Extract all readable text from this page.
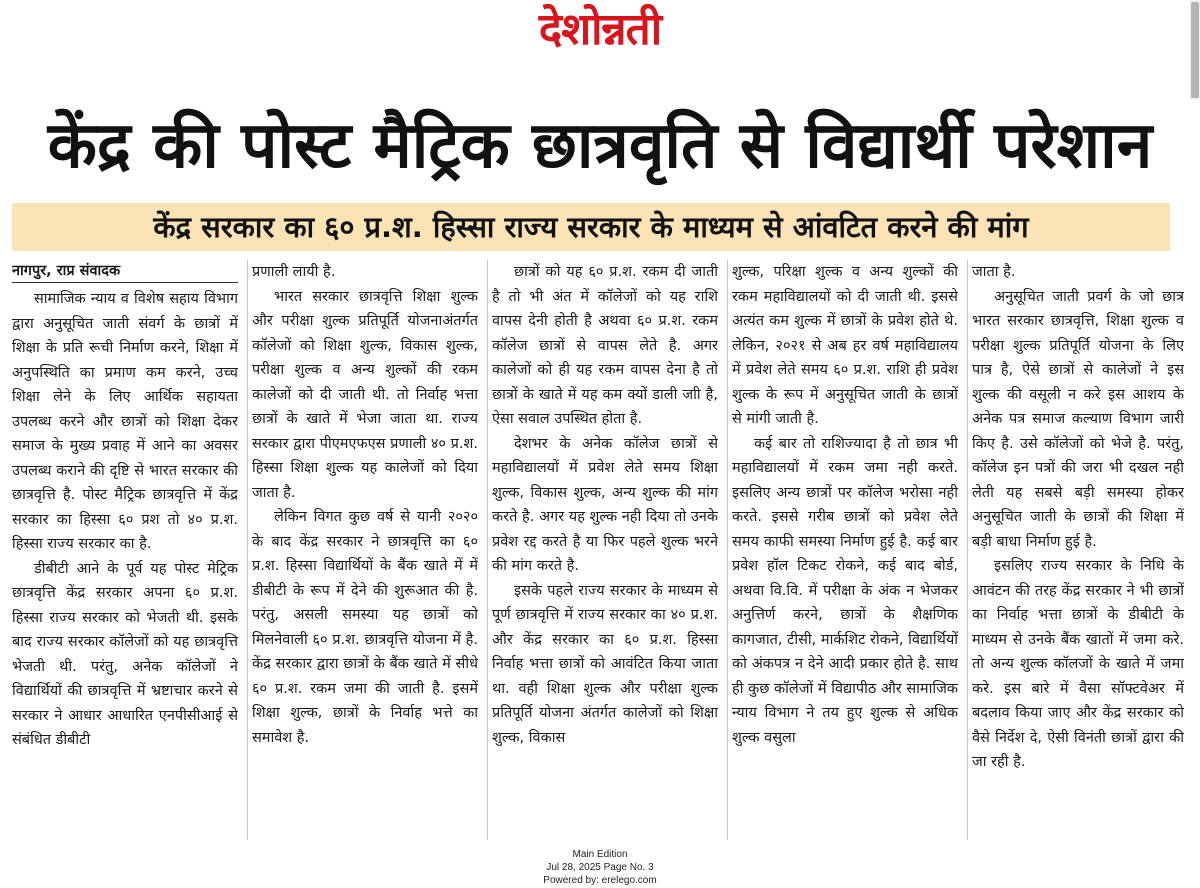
देशोन्नती
केंद्र की पोस्ट मैट्रिक छात्रवृति से विद्यार्थी परेशान
केंद्र सरकार का ६० प्र.श. हिस्सा राज्य सरकार के माध्यम से आंवटित करने की मांग
नागपुर, राप्र संवादक

सामाजिक न्याय व विशेष सहाय विभाग द्वारा अनुसूचित जाती संवर्ग के छात्रों में शिक्षा के प्रति रूची निर्माण करने, शिक्षा में अनुपस्थिति का प्रमाण कम करने, उच्च शिक्षा लेने के लिए आर्थिक सहायता उपलब्ध करने और छात्रों को शिक्षा देकर समाज के मुख्य प्रवाह में आने का अवसर उपलब्ध कराने की दृष्टि से भारत सरकार की छात्रवृत्ति है. पोस्ट मैट्रिक छात्रवृत्ति में केंद्र सरकार का हिस्सा ६० प्रश तो ४० प्र.श. हिस्सा राज्य सरकार का है.

डीबीटी आने के पूर्व यह पोस्ट मेट्रिक छात्रवृत्ति केंद्र सरकार अपना ६० प्र.श. हिस्सा राज्य सरकार को भेजती थी. इसके बाद राज्य सरकार कॉलेजों को यह छात्रवृत्ति भेजती थी. परंतु, अनेक कॉलेजों ने विद्यार्थियों की छात्रवृत्ति में भ्रष्टाचार करने से सरकार ने आधार आधारित एनपीसीआई से संबंधित डीबीटी

प्रणाली लायी है.

भारत सरकार छात्रवृत्ति शिक्षा शुल्क और परीक्षा शुल्क प्रतिपूर्ति योजनाअंतर्गत कॉलेजों को शिक्षा शुल्क, विकास शुल्क, परीक्षा शुल्क व अन्य शुल्कों की रकम कालेजों को दी जाती थी. तो निर्वाह भत्ता छात्रों के खाते में भेजा जाता था. राज्य सरकार द्वारा पीएमएफएस प्रणाली ४० प्र.श. हिस्सा शिक्षा शुल्क यह कालेजों को दिया जाता है.

लेकिन विगत कुछ वर्ष से यानी २०२० के बाद केंद्र सरकार ने छात्रवृत्ति का ६० प्र.श. हिस्सा विद्यार्थियों के बैंक खाते में में डीबीटी के रूप में देने की शुरूआत की है. परंतु, असली समस्या यह छात्रों को मिलनेवाली ६० प्र.श. छात्रवृत्ति योजना में है. केंद्र सरकार द्वारा छात्रों के बैंक खाते में सीधे ६० प्र.श. रकम जमा की जाती है. इसमें शिक्षा शुल्क, छात्रों के निर्वाह भत्ते का समावेश है.

छात्रों को यह ६० प्र.श. रकम दी जाती है तो भी अंत में कॉलेजों को यह राशि वापस देनी होती है अथवा ६० प्र.श. रकम कॉलेज छात्रों से वापस लेते है. अगर कालेजों को ही यह रकम वापस देना है तो छात्रों के खाते में यह कम क्यों डाली जाी है, ऐसा सवाल उपस्थित होता है.

देशभर के अनेक कॉलेज छात्रों से महाविद्यालयों में प्रवेश लेते समय शिक्षा शुल्क, विकास शुल्क, अन्य शुल्क की मांग करते है. अगर यह शुल्क नही दिया तो उनके प्रवेश रद्द करते है या फिर पहले शुल्क भरने की मांग करते है.

इसके पहले राज्य सरकार के माध्यम से पूर्ण छात्रवृत्ति में राज्य सरकार का ४० प्र.श. और केंद्र सरकार का ६० प्र.श. हिस्सा निर्वाह भत्ता छात्रों को आवंटित किया जाता था. वही शिक्षा शुल्क और परीक्षा शुल्क प्रतिपूर्ति योजना अंतर्गत कालेजों को शिक्षा शुल्क, विकास

शुल्क, परिक्षा शुल्क व अन्य शुल्कों की रकम महाविद्यालयों को दी जाती थी. इससे अत्यंत कम शुल्क में छात्रों के प्रवेश होते थे. लेकिन, २०२१ से अब हर वर्ष महाविद्यालय में प्रवेश लेते समय ६० प्र.श. राशि ही प्रवेश शुल्क के रूप में अनुसूचित जाती के छात्रों से मांगी जाती है.

कई बार तो राशिज्यादा है तो छात्र भी महाविद्यालयों में रकम जमा नही करते. इसलिए अन्य छात्रों पर कॉलेज भरोसा नही करते. इससे गरीब छात्रों को प्रवेश लेते समय काफी समस्या निर्माण हुई है. कई बार प्रवेश हॉल टिकट रोकने, कई बाद बोर्ड, अथवा वि.वि. में परीक्षा के अंक न भेजकर अनुत्तिर्ण करने, छात्रों के शैक्षणिक कागजात, टीसी, मार्कशिट रोकने, विद्यार्थियों को अंकपत्र न देने आदी प्रकार होते है. साथ ही कुछ कॉलेजों में विद्यापीठ और सामाजिक न्याय विभाग ने तय हुए शुल्क से अधिक शुल्क वसुला

जाता है.

अनुसूचित जाती प्रवर्ग के जो छात्र भारत सरकार छात्रवृत्ति, शिक्षा शुल्क व परीक्षा शुल्क प्रतिपूर्ति योजना के लिए पात्र है, ऐसे छात्रों से कालेजों ने इस शुल्क की वसूली न करे इस आशय के अनेक पत्र समाज कल्याण विभाग जारी किए है. उसे कॉलेजों को भेजे है. परंतु, कॉलेज इन पत्रों की जरा भी दखल नही लेती यह सबसे बड़ी समस्या होकर अनुसूचित जाती के छात्रों की शिक्षा में बड़ी बाधा निर्माण हुई है.

इसलिए राज्य सरकार के निधि के आवंटन की तरह केंद्र सरकार ने भी छात्रों का निर्वाह भत्ता छात्रों के डीबीटी के माध्यम से उनके बैंक खातों में जमा करे. तो अन्य शुल्क कॉलजों के खाते में जमा करे. इस बारे में वैसा सॉफ्टवेअर में बदलाव किया जाए और केंद्र सरकार को वैसे निर्देश दे, ऐसी विनंती छात्रों द्वारा की जा रही है.

Main Edition
Jul 28, 2025 Page No. 3
Powered by: erelego.com
